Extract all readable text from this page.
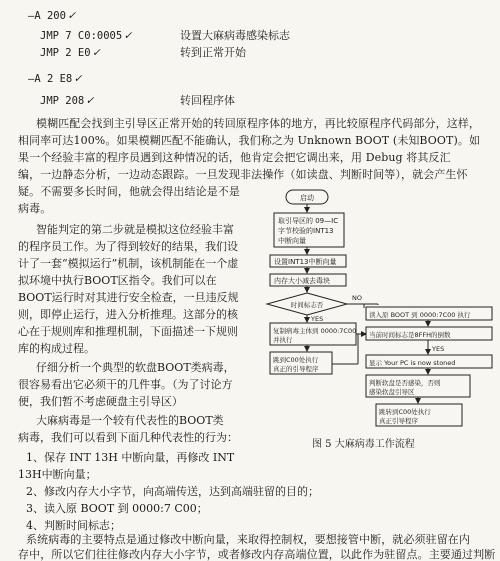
—A 200 ✓
JMP 7 C0:0005 ✓	设置大麻病毒感染标志
JMP 2 E0 ✓	转到正常开始
—A 2 E8 ✓
JMP 208 ✓	转回程序体
模糊匹配会找到主引导区正常开始的转回原程序体的地方，再比较原程序代码部分，这样，
相同率可达100%。如果模糊匹配不能确认，我们称之为 Unknown BOOT (未知BOOT)。如
果一个经验丰富的程序员遇到这种情况的话，他肯定会把它调出来，用 Debug 将其反汇
编，一边静态分析，一边动态跟踪。一旦发现非法操作（如读盘、判断时间等），就会产生怀
疑。不需要多长时间，他就会得出结论是不是
病毒。
智能判定的第二步就是模拟这位经验丰富
的程序员工作。为了得到较好的结果，我们设
计了一套“模拟运行”机制，该机制能在一个虚
拟环境中执行BOOT区指令。我们可以在
BOOT运行时对其进行安全检查，一旦违反规
则，即停止运行，进入分析推理。这部分的核
心在于规则库和推理机制，下面描述一下规则
库的构成过程。
仔细分析一个典型的软盘BOOT类病毒，
很容易看出它必须干的几件事。（为了讨论方
便，我们暂不考虑硬盘主引导区）
大麻病毒是一个较有代表性的BOOT类
病毒，我们可以看到下面几种代表性的行为：
1、保存 INT 13H 中断向量，再修改 INT
13H中断向量；
2、修改内存大小字节，向高端传送，达到高端驻留的目的；
3、读入原 BOOT 到 0000:7 C00；
4、判断时间标志；
系统病毒的主要特点是通过修改中断向量，来取得控制权，要想接管中断，就必须驻留在内
存中，所以它们往往修改内存大小字节，或者修改内存高端位置，以此作为驻留点。主要通过判断
启动
取引导区的 09—IC
字节校验的INT13
中断向量
设置INT13中断向量
内存大小减去毒块
时间标志否
NO
YES
复制病毒主体到 0000:7C00
并执行
跳到C00处执行
真正的引导程序
读入原 BOOT 到 0000:7C00 执行
当前时间标志是8FFH的倒数
YES
显示 Your PC is now stoned
判断软盘是否感染，否则
感染软盘引导区
跳转到C00处执行
真正引导程序
图 5 大麻病毒工作流程
